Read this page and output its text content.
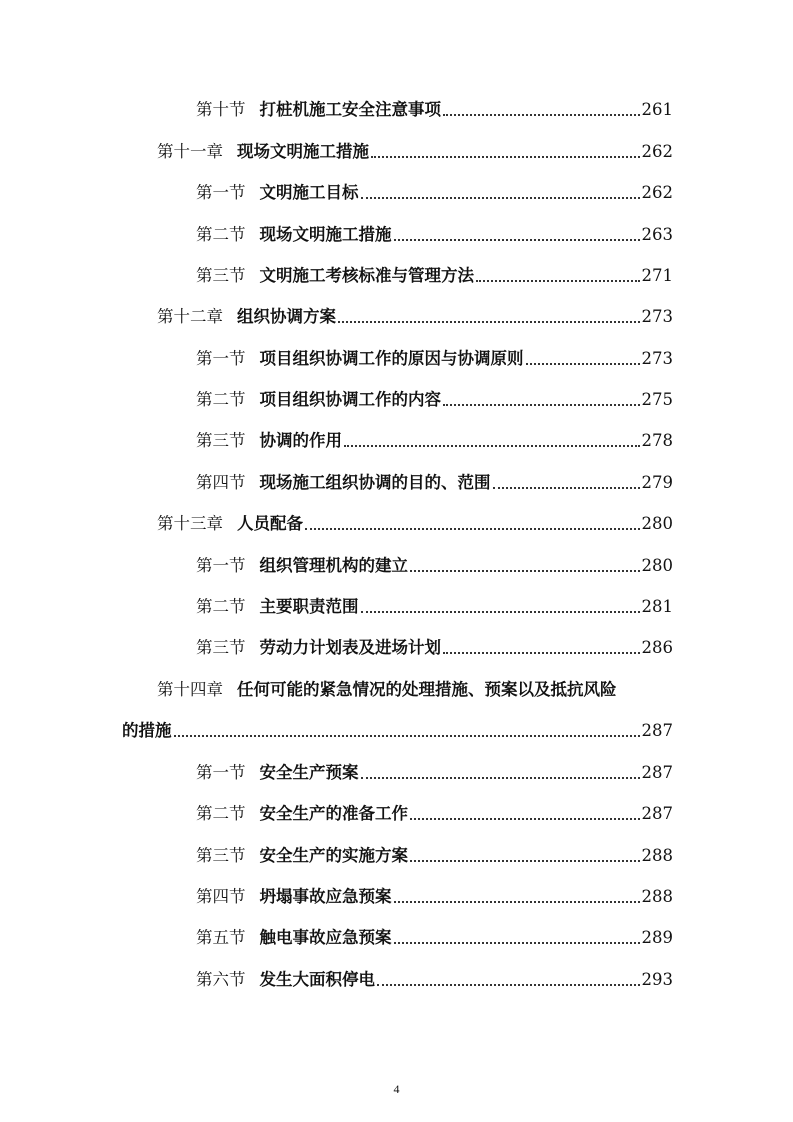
第十节 打桩机施工安全注意事项	261
第十一章 现场文明施工措施	262
第一节 文明施工目标	262
第二节 现场文明施工措施	263
第三节 文明施工考核标准与管理方法	271
第十二章 组织协调方案	273
第一节 项目组织协调工作的原因与协调原则	273
第二节 项目组织协调工作的内容	275
第三节 协调的作用	278
第四节 现场施工组织协调的目的、范围	279
第十三章 人员配备	280
第一节 组织管理机构的建立	280
第二节 主要职责范围	281
第三节 劳动力计划表及进场计划	286
第十四章 任何可能的紧急情况的处理措施、预案以及抵抗风险
的措施	287
第一节 安全生产预案	287
第二节 安全生产的准备工作	287
第三节 安全生产的实施方案	288
第四节 坍塌事故应急预案	288
第五节 触电事故应急预案	289
第六节 发生大面积停电	293
4
